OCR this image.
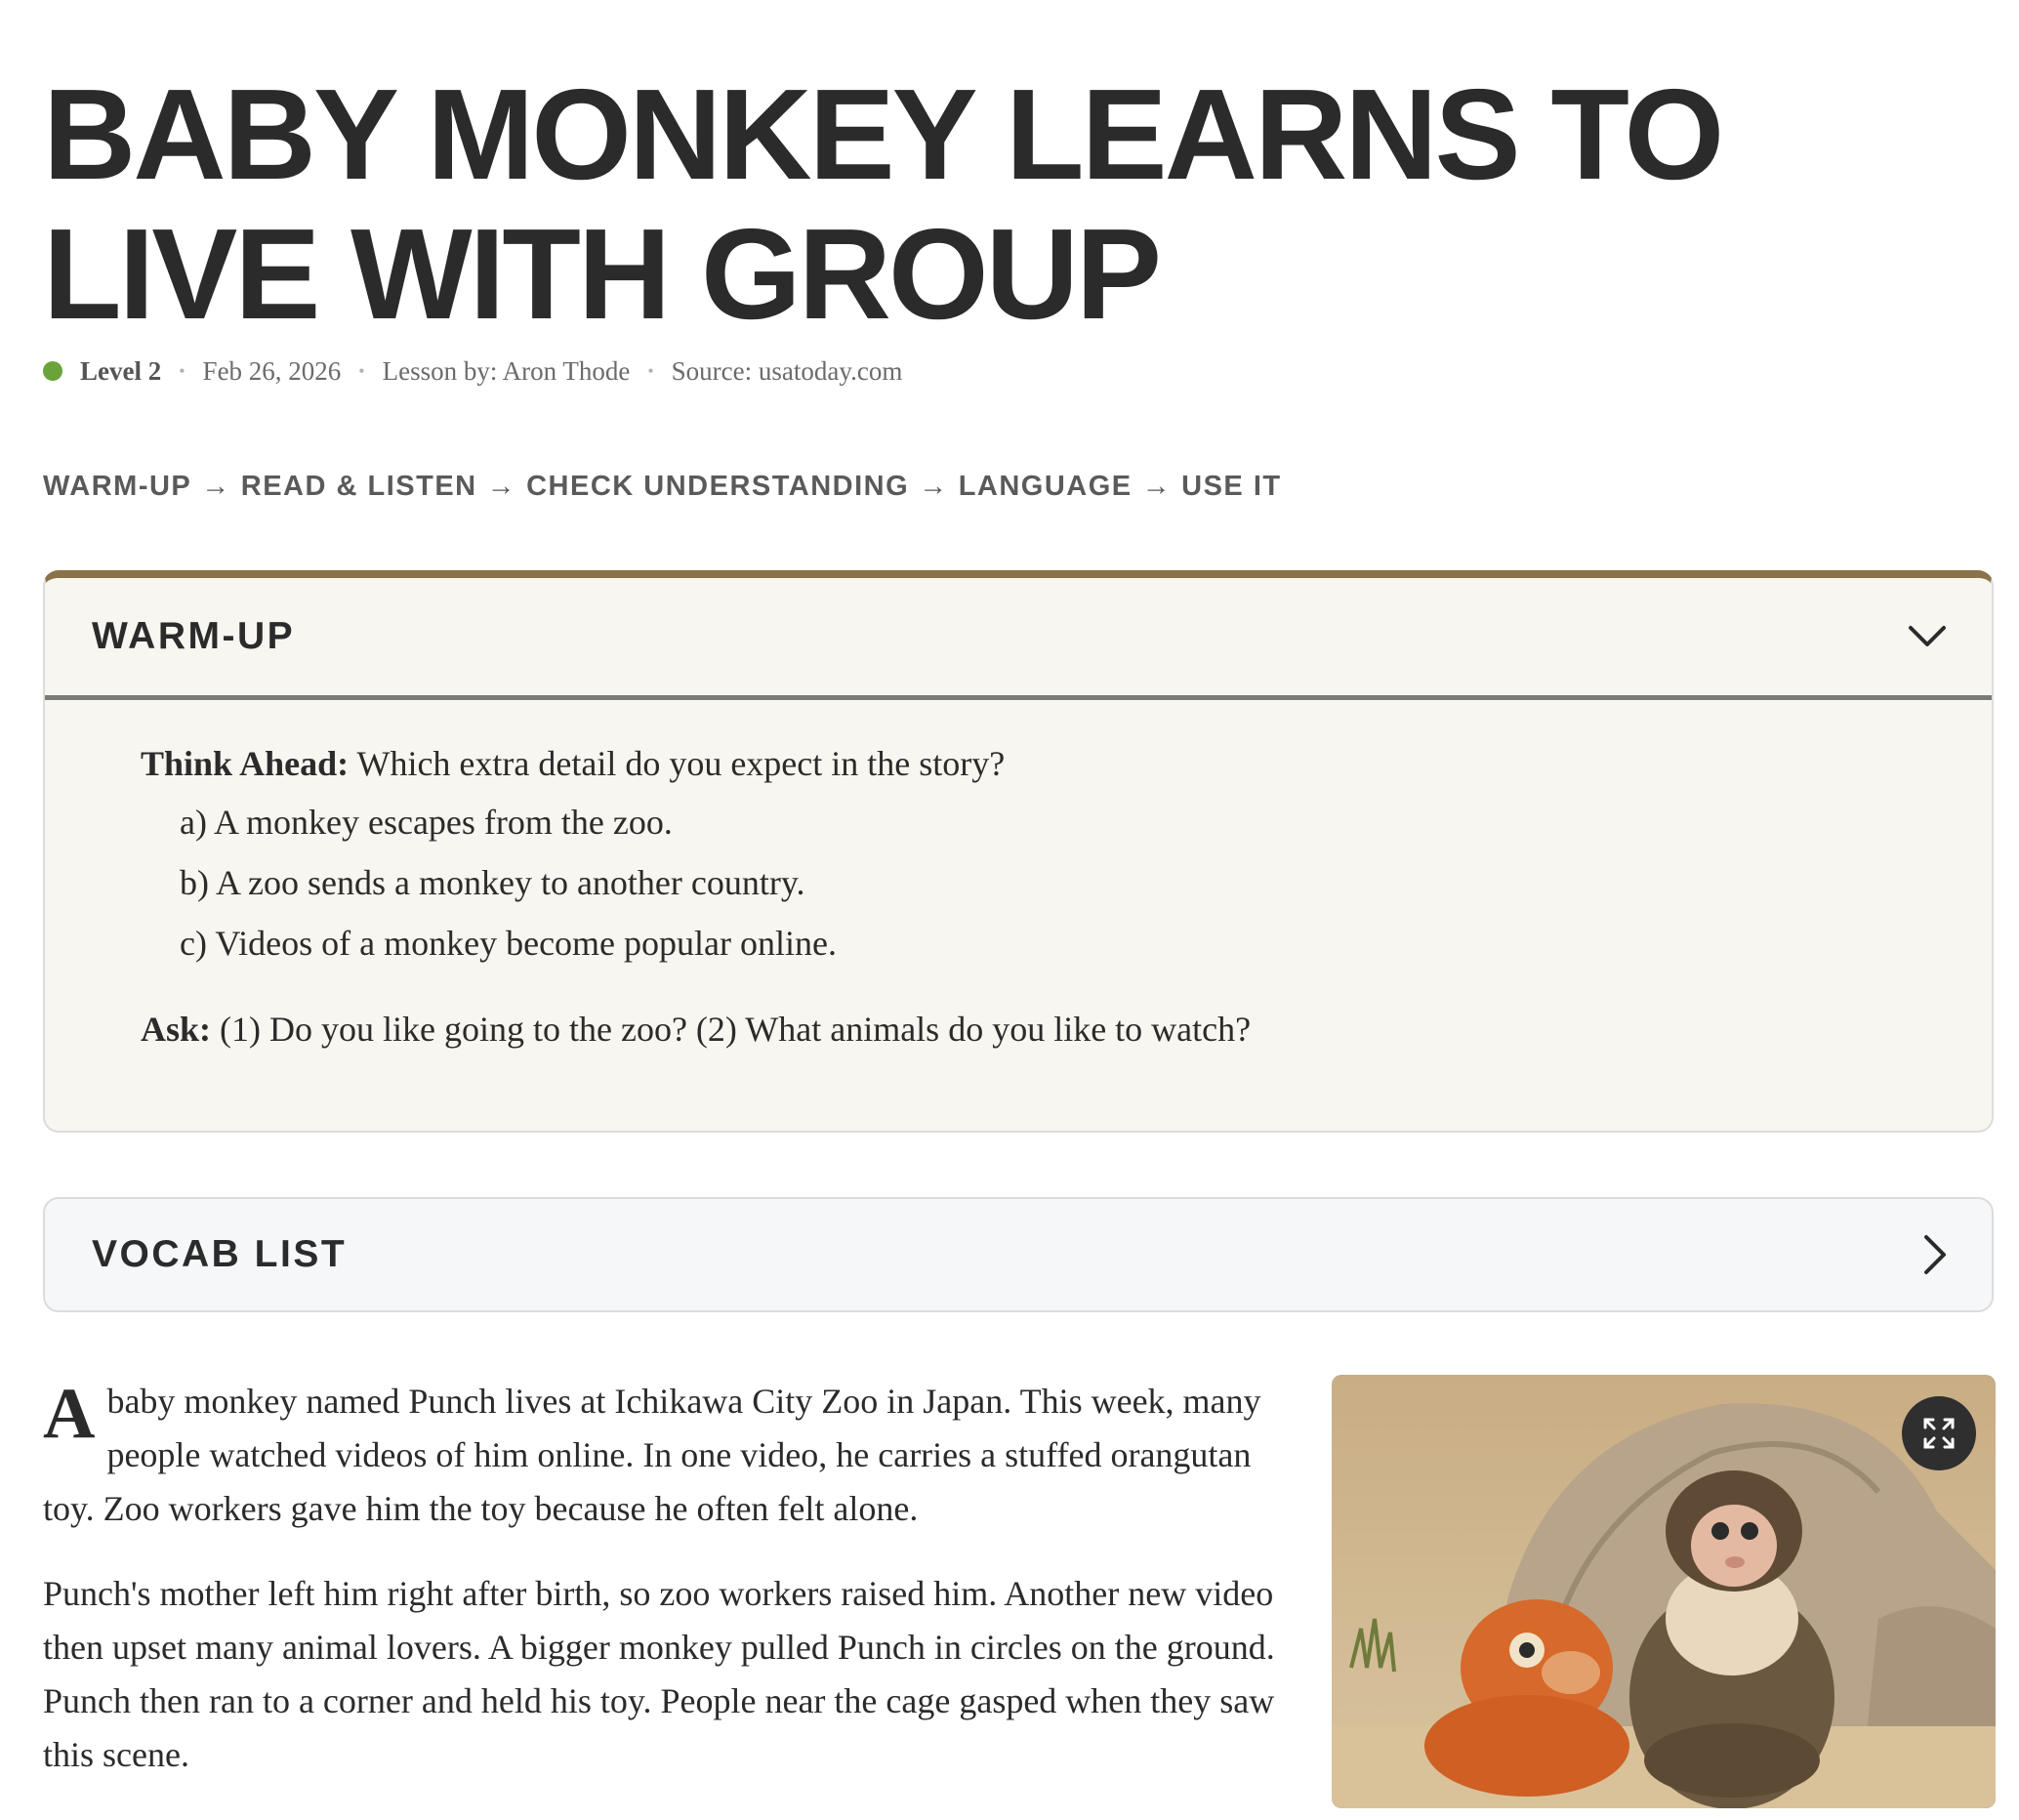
BABY MONKEY LEARNS TO LIVE WITH GROUP
Level 2 • Feb 26, 2026 • Lesson by: Aron Thode • Source: usatoday.com
WARM-UP → READ & LISTEN → CHECK UNDERSTANDING → LANGUAGE → USE IT
WARM-UP

Think Ahead: Which extra detail do you expect in the story?

a) A monkey escapes from the zoo.

b) A zoo sends a monkey to another country.

c) Videos of a monkey become popular online.

Ask: (1) Do you like going to the zoo? (2) What animals do you like to watch?

VOCAB LIST

A baby monkey named Punch lives at Ichikawa City Zoo in Japan. This week, many people watched videos of him online. In one video, he carries a stuffed orangutan toy. Zoo workers gave him the toy because he often felt alone.

Punch's mother left him right after birth, so zoo workers raised him. Another new video then upset many animal lovers. A bigger monkey pulled Punch in circles on the ground. Punch then ran to a corner and held his toy. People near the cage gasped when they saw this scene.
